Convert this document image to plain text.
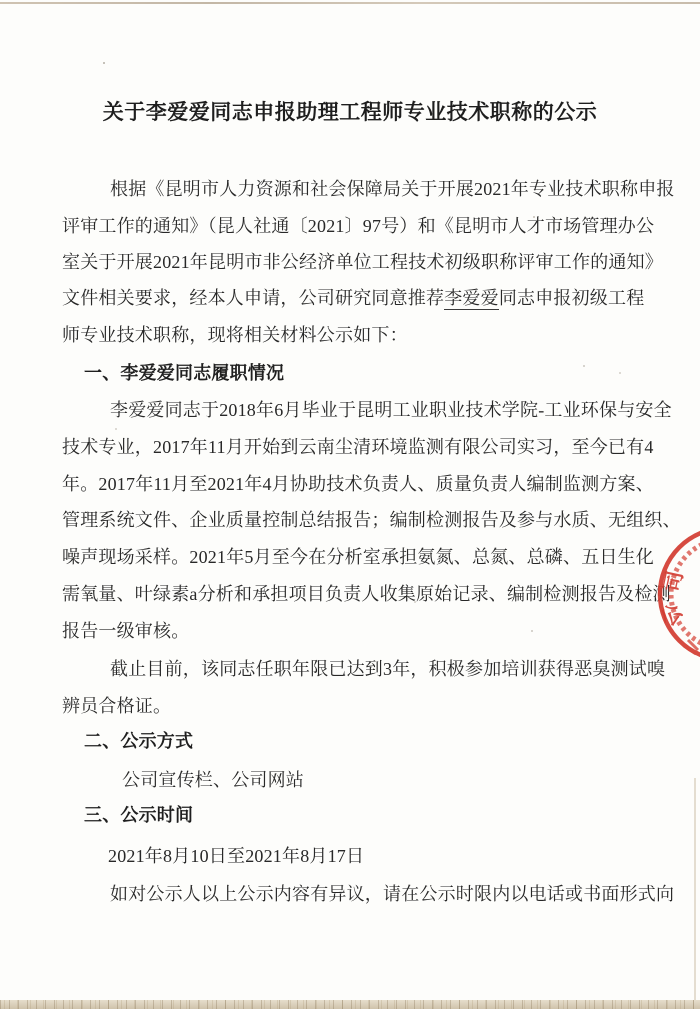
关于李爱爱同志申报助理工程师专业技术职称的公示
根据《昆明市人力资源和社会保障局关于开展2021年专业技术职称申报
评审工作的通知》（昆人社通〔2021〕97号）和《昆明市人才市场管理办公
室关于开展2021年昆明市非公经济单位工程技术初级职称评审工作的通知》
文件相关要求，经本人申请，公司研究同意推荐李爱爱同志申报初级工程
师专业技术职称，现将相关材料公示如下：
一、李爱爱同志履职情况
李爱爱同志于2018年6月毕业于昆明工业职业技术学院-工业环保与安全
技术专业，2017年11月开始到云南尘清环境监测有限公司实习，至今已有4
年。2017年11月至2021年4月协助技术负责人、质量负责人编制监测方案、
管理系统文件、企业质量控制总结报告；编制检测报告及参与水质、无组织、
噪声现场采样。2021年5月至今在分析室承担氨氮、总氮、总磷、五日生化
需氧量、叶绿素a分析和承担项目负责人收集原始记录、编制检测报告及检测
报告一级审核。
截止目前，该同志任职年限已达到3年，积极参加培训获得恶臭测试嗅
辨员合格证。
二、公示方式
公司宣传栏、公司网站
三、公示时间
2021年8月10日至2021年8月17日
如对公示人以上公示内容有异议，请在公示时限内以电话或书面形式向
司
公
